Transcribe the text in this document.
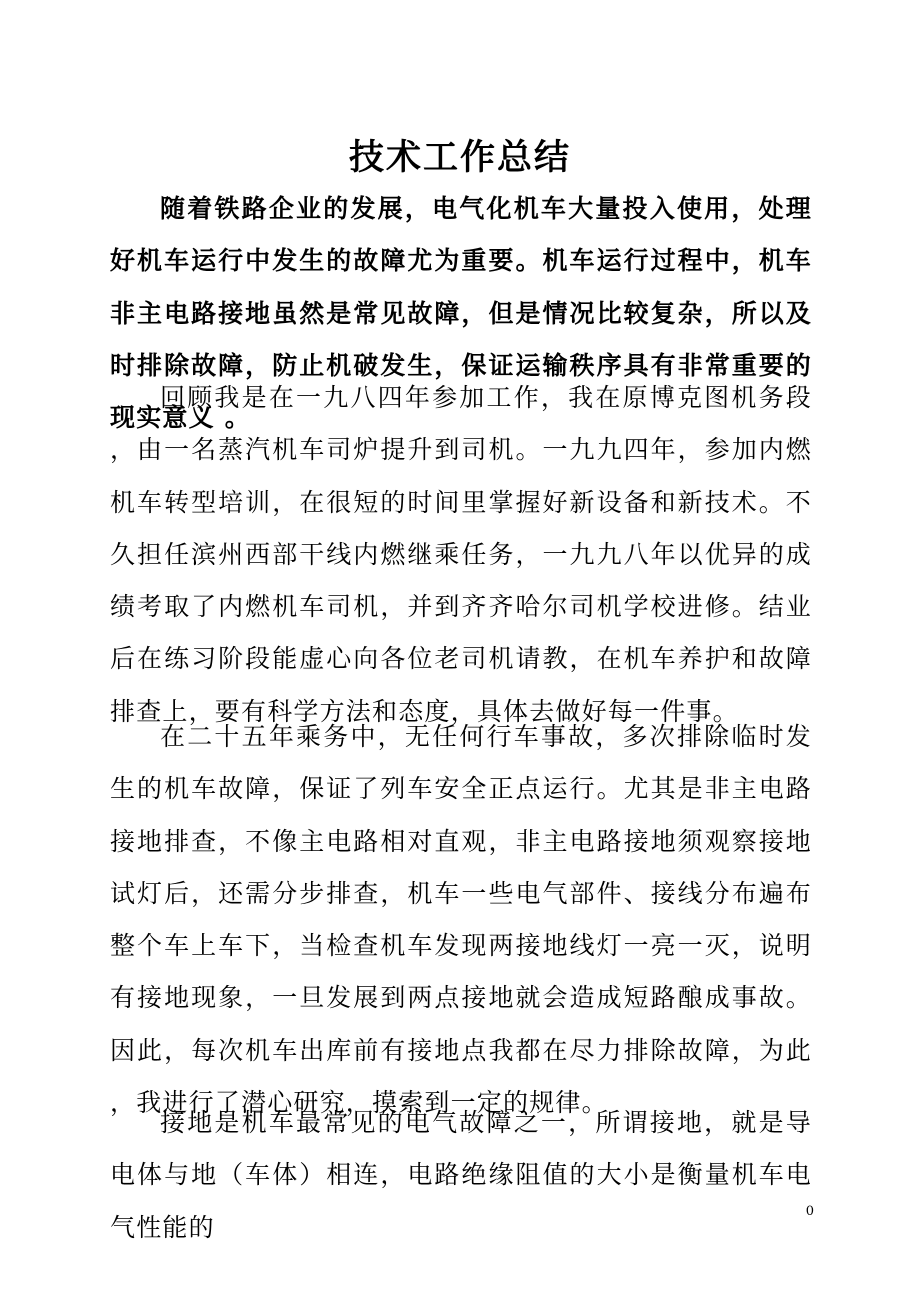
技术工作总结

随着铁路企业的发展，电气化机车大量投入使用，处理好机车运行中发生的故障尤为重要。机车运行过程中，机车非主电路接地虽然是常见故障，但是情况比较复杂，所以及时排除故障，防止机破发生，保证运输秩序具有非常重要的现实意义 。

回顾我是在一九八四年参加工作，我在原博克图机务段，由一名蒸汽机车司炉提升到司机。一九九四年，参加内燃机车转型培训，在很短的时间里掌握好新设备和新技术。不久担任滨州西部干线内燃继乘任务，一九九八年以优异的成绩考取了内燃机车司机，并到齐齐哈尔司机学校进修。结业后在练习阶段能虚心向各位老司机请教，在机车养护和故障排查上，要有科学方法和态度，具体去做好每一件事。

在二十五年乘务中，无任何行车事故，多次排除临时发生的机车故障，保证了列车安全正点运行。尤其是非主电路接地排查，不像主电路相对直观，非主电路接地须观察接地试灯后，还需分步排查，机车一些电气部件、接线分布遍布整个车上车下，当检查机车发现两接地线灯一亮一灭，说明有接地现象，一旦发展到两点接地就会造成短路酿成事故。因此，每次机车出库前有接地点我都在尽力排除故障，为此，我进行了潜心研究，摸索到一定的规律。

接地是机车最常见的电气故障之一，所谓接地，就是导电体与地（车体）相连，电路绝缘阻值的大小是衡量机车电气性能的

0
